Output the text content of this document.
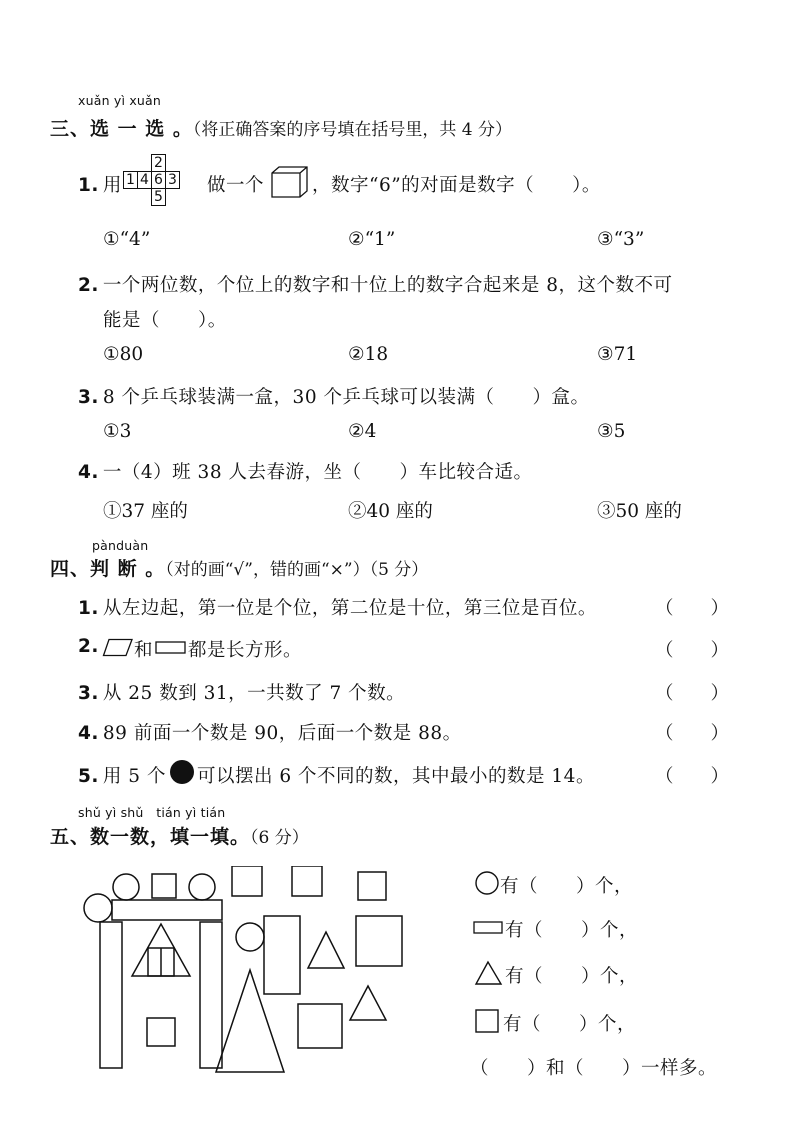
xuǎn yì xuǎn
三、选 一 选 。（将正确答案的序号填在括号里，共 4 分）
1. 用
		2	
1	4	6	3
		5	
做一个	，数字“6”的对面是数字（　　）。
①“4”	②“1”	③“3”
2. 一个两位数，个位上的数字和十位上的数字合起来是 8，这个数不可
能是（　　）。
①80	②18	③71
3. 8 个乒乓球装满一盒，30 个乒乓球可以装满（　　）盒。
①3	②4	③5
4. 一（4）班 38 人去春游，坐（　　）车比较合适。
①37 座的	②40 座的	③50 座的
pànduàn
四、判 断 。（对的画“√”，错的画“×”）（5 分）
1. 从左边起，第一位是个位，第二位是十位，第三位是百位。	（　　）
2. 和 都是长方形。	（　　）
3. 从 25 数到 31，一共数了 7 个数。	（　　）
4. 89 前面一个数是 90，后面一个数是 88。	（　　）
5. 用 5 个 可以摆出 6 个不同的数，其中最小的数是 14。	（　　）
shǔ yì shǔ　tián yì tián
五、数一数，填一填。（6 分）
有（　　）个，
有（　　）个，
有（　　）个，
有（　　）个，
（　　）和（　　）一样多。
